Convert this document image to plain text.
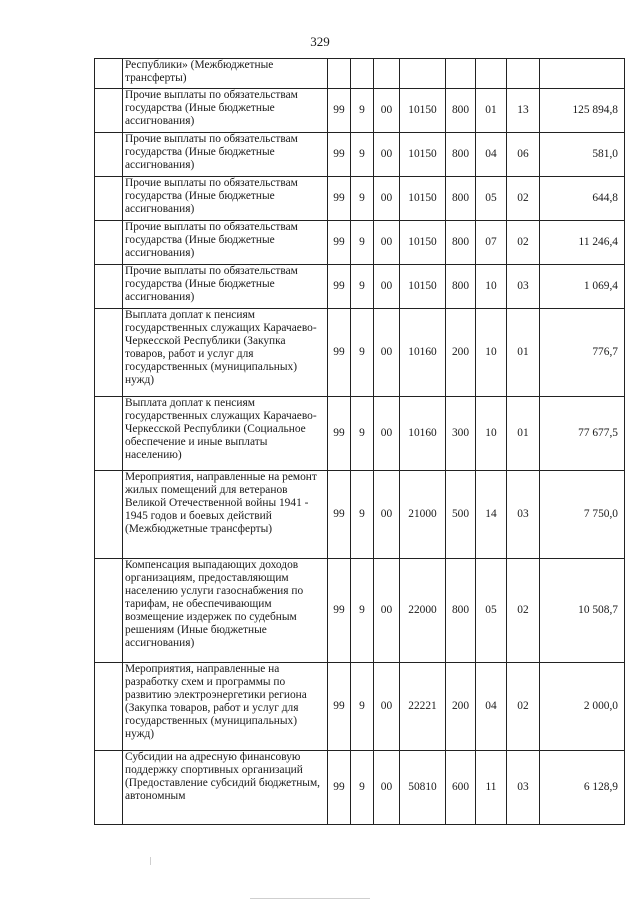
329
	Республики» (Межбюджетные трансферты)								
	Прочие выплаты по обязательствам государства (Иные бюджетные ассигнования)	99	9	00	10150	800	01	13	125 894,8
	Прочие выплаты по обязательствам государства (Иные бюджетные ассигнования)	99	9	00	10150	800	04	06	581,0
	Прочие выплаты по обязательствам государства (Иные бюджетные ассигнования)	99	9	00	10150	800	05	02	644,8
	Прочие выплаты по обязательствам государства (Иные бюджетные ассигнования)	99	9	00	10150	800	07	02	11 246,4
	Прочие выплаты по обязательствам государства (Иные бюджетные ассигнования)	99	9	00	10150	800	10	03	1 069,4
	Выплата доплат к пенсиям государственных служащих Карачаево-Черкесской Республики (Закупка товаров, работ и услуг для государственных (муниципальных) нужд)	99	9	00	10160	200	10	01	776,7
	Выплата доплат к пенсиям государственных служащих Карачаево-Черкесской Республики (Социальное обеспечение и иные выплаты населению)	99	9	00	10160	300	10	01	77 677,5
	Мероприятия, направленные на ремонт жилых помещений для ветеранов Великой Отечественной войны 1941 - 1945 годов и боевых действий (Межбюджетные трансферты)	99	9	00	21000	500	14	03	7 750,0
	Компенсация выпадающих доходов организациям, предоставляющим населению услуги газоснабжения по тарифам, не обеспечивающим возмещение издержек по судебным решениям (Иные бюджетные ассигнования)	99	9	00	22000	800	05	02	10 508,7
	Мероприятия, направленные на разработку схем и программы по развитию электроэнергетики региона (Закупка товаров, работ и услуг для государственных (муниципальных) нужд)	99	9	00	22221	200	04	02	2 000,0
	Субсидии на адресную финансовую поддержку спортивных организаций (Предоставление субсидий бюджетным, автономным	99	9	00	50810	600	11	03	6 128,9
